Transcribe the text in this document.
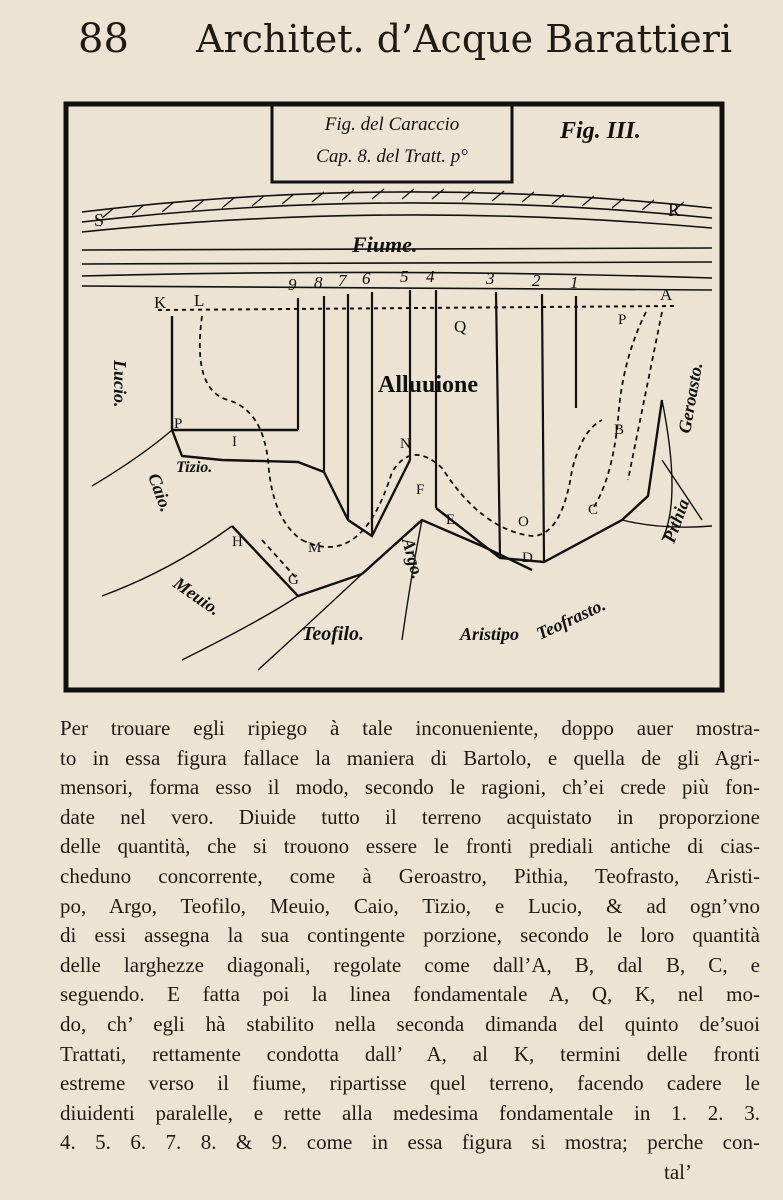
88 Architet. d’Acque Barattieri
Fig. del Caraccio
Cap. 8. del Tratt. p°
Fig. III.
S	R
Fiume.
K L	A
Q	P
9 8 7 6 5 4	3 2 1
P
I	N
F
E	O
D
C
B
H
G
M
Alluuione
Lucio.
Tizio.
Caio.
Meuio.
Teofilo.
Argo.
Aristipo Teofrasto.
Pithia
Geroasto.
Per trouare egli ripiego à tale inconueniente, doppo auer mostra-
to in essa figura fallace la maniera di Bartolo, e quella de gli Agri-
mensori, forma esso il modo, secondo le ragioni, ch’ei crede più fon-
date nel vero. Diuide tutto il terreno acquistato in proporzione
delle quantità, che si trouono essere le fronti prediali antiche di cias-
cheduno concorrente, come à Geroastro, Pithia, Teofrasto, Aristi-
po, Argo, Teofilo, Meuio, Caio, Tizio, e Lucio, & ad ogn’vno
di essi assegna la sua contingente porzione, secondo le loro quantità
delle larghezze diagonali, regolate come dall’A, B, dal B, C, e
seguendo. E fatta poi la linea fondamentale A, Q, K, nel mo-
do, ch’ egli hà stabilito nella seconda dimanda del quinto de’suoi
Trattati, rettamente condotta dall’ A, al K, termini delle fronti
estreme verso il fiume, ripartisse quel terreno, facendo cadere le
diuidenti paralelle, e rette alla medesima fondamentale in 1. 2. 3.
4. 5. 6. 7. 8. & 9. come in essa figura si mostra; perche con-
tal’
